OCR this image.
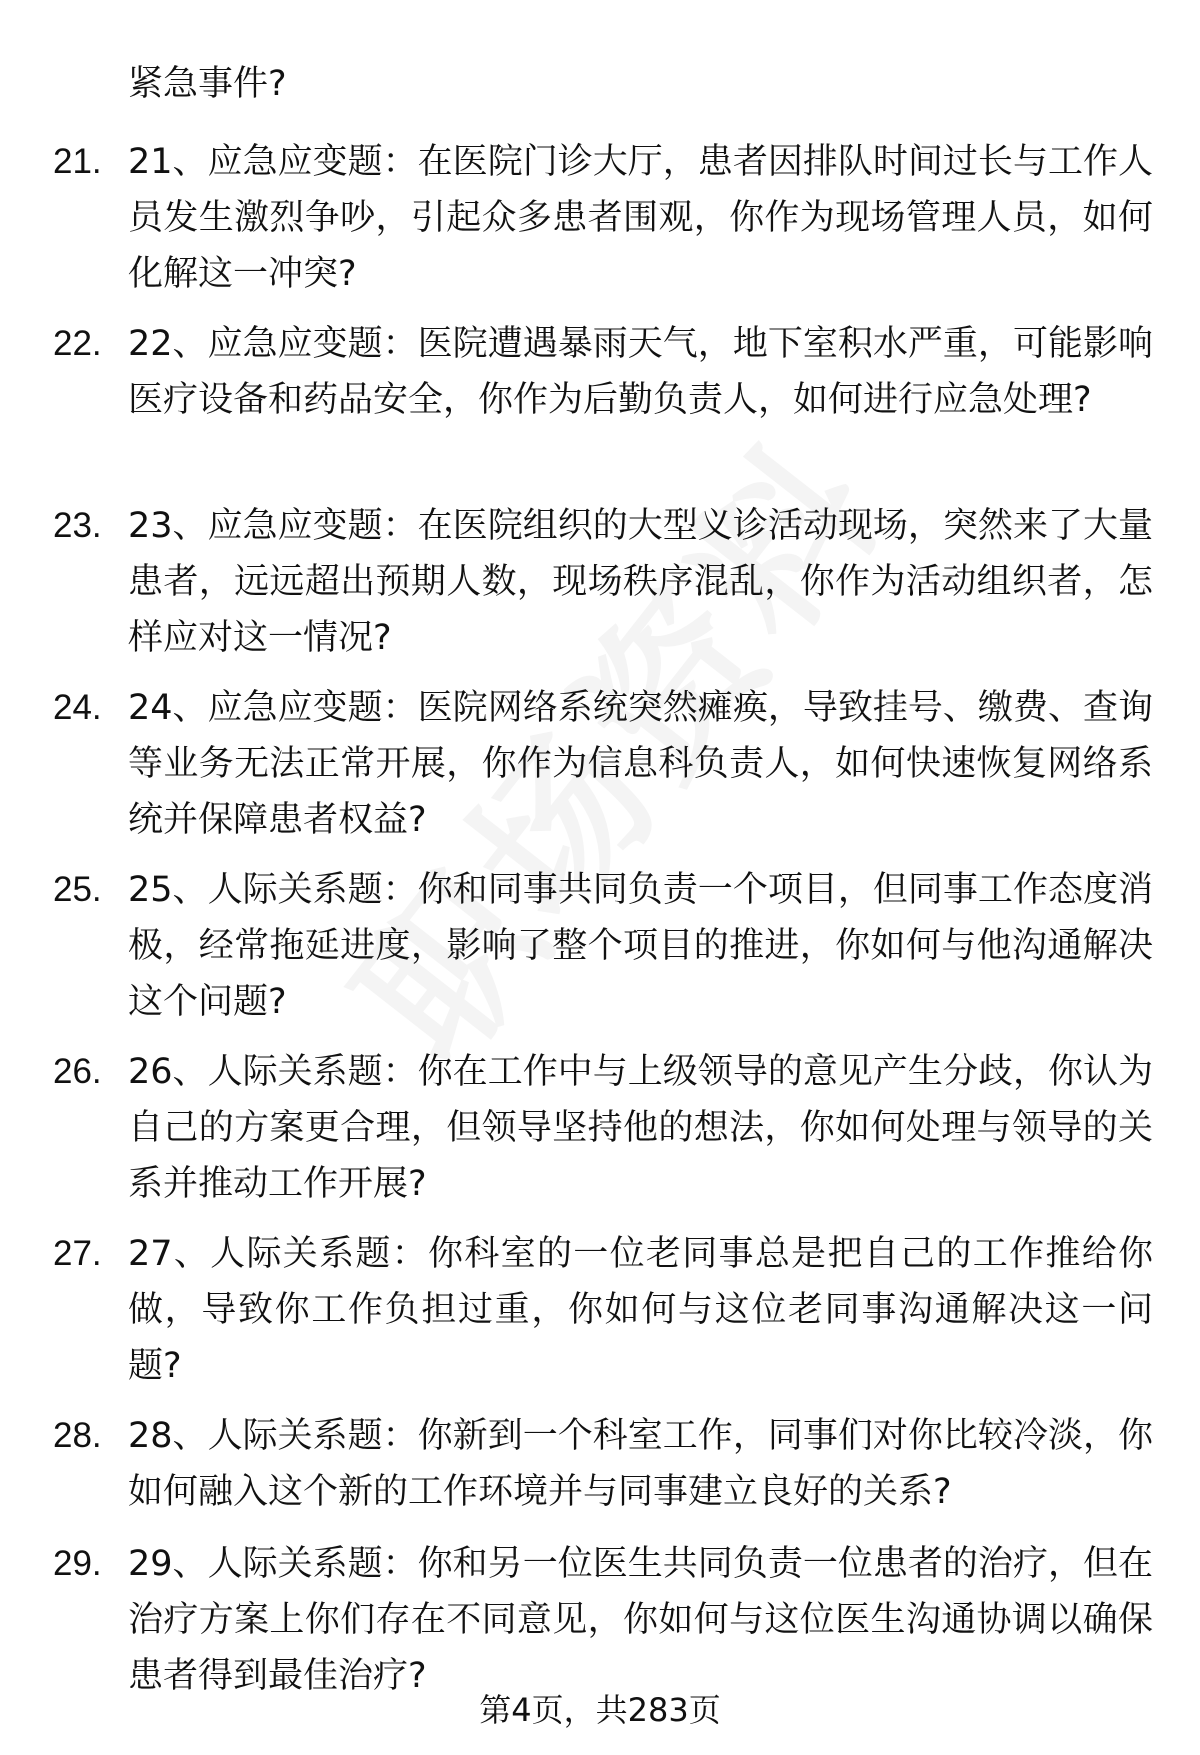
紧急事件?

21. 21、应急应变题：在医院门诊大厅，患者因排队时间过长与工作人员发生激烈争吵，引起众多患者围观，你作为现场管理人员，如何化解这一冲突?
22. 22、应急应变题：医院遭遇暴雨天气，地下室积水严重，可能影响医疗设备和药品安全，你作为后勤负责人，如何进行应急处理?
23. 23、应急应变题：在医院组织的大型义诊活动现场，突然来了大量患者，远远超出预期人数，现场秩序混乱，你作为活动组织者，怎样应对这一情况?
24. 24、应急应变题：医院网络系统突然瘫痪，导致挂号、缴费、查询等业务无法正常开展，你作为信息科负责人，如何快速恢复网络系统并保障患者权益?
25. 25、人际关系题：你和同事共同负责一个项目，但同事工作态度消极，经常拖延进度，影响了整个项目的推进，你如何与他沟通解决这个问题?
26. 26、人际关系题：你在工作中与上级领导的意见产生分歧，你认为自己的方案更合理，但领导坚持他的想法，你如何处理与领导的关系并推动工作开展?
27. 27、人际关系题：你科室的一位老同事总是把自己的工作推给你做，导致你工作负担过重，你如何与这位老同事沟通解决这一问题?
28. 28、人际关系题：你新到一个科室工作，同事们对你比较冷淡，你如何融入这个新的工作环境并与同事建立良好的关系?
29. 29、人际关系题：你和另一位医生共同负责一位患者的治疗，但在治疗方案上你们存在不同意见，你如何与这位医生沟通协调以确保患者得到最佳治疗?
第4页，共283页
